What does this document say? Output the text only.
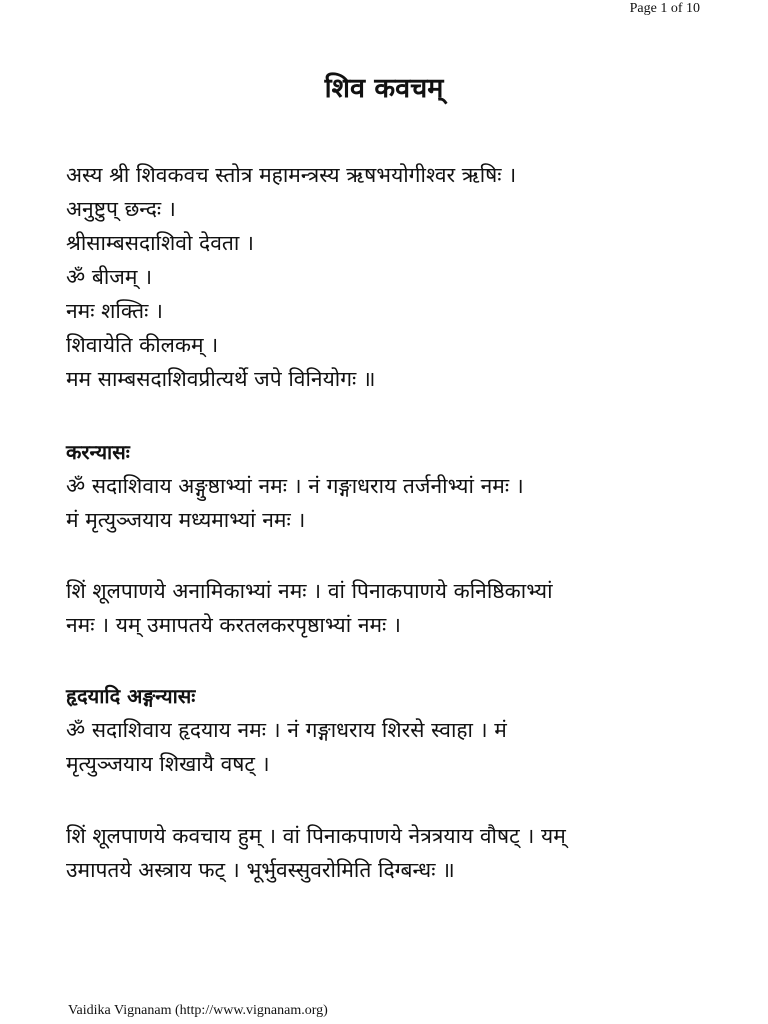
Page 1 of 10
शिव कवचम्
अस्य श्री शिवकवच स्तोत्र महामन्त्रस्य ऋषभयोगीश्वर ऋषिः ।
अनुष्टुप् छन्दः ।
श्रीसाम्बसदाशिवो देवता ।
ॐ बीजम् ।
नमः शक्तिः ।
शिवायेति कीलकम् ।
मम साम्बसदाशिवप्रीत्यर्थे जपे विनियोगः ॥
करन्यासः
ॐ सदाशिवाय अङ्गुष्ठाभ्यां नमः । नं गङ्गाधराय तर्जनीभ्यां नमः ।
मं मृत्युञ्जयाय मध्यमाभ्यां नमः ।
शिं शूलपाणये अनामिकाभ्यां नमः । वां पिनाकपाणये कनिष्ठिकाभ्यां
नमः । यम् उमापतये करतलकरपृष्ठाभ्यां नमः ।
हृदयादि अङ्गन्यासः
ॐ सदाशिवाय हृदयाय नमः । नं गङ्गाधराय शिरसे स्वाहा । मं
मृत्युञ्जयाय शिखायै वषट् ।
शिं शूलपाणये कवचाय हुम् । वां पिनाकपाणये नेत्रत्रयाय वौषट् । यम्
उमापतये अस्त्राय फट् । भूर्भुवस्सुवरोमिति दिग्बन्धः ॥
Vaidika Vignanam (http://www.vignanam.org)
